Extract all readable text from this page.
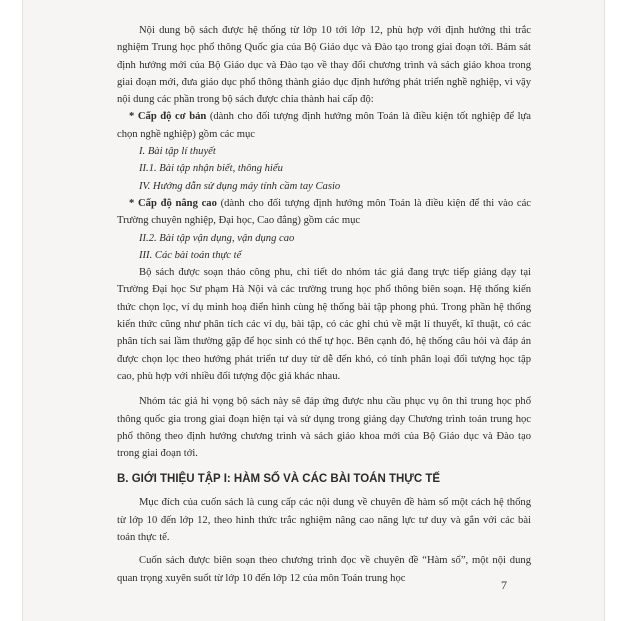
Nội dung bộ sách được hệ thống từ lớp 10 tới lớp 12, phù hợp với định hướng thi trắc nghiệm Trung học phổ thông Quốc gia của Bộ Giáo dục và Đào tạo trong giai đoạn tới. Bám sát định hướng mới của Bộ Giáo dục và Đào tạo về thay đổi chương trình và sách giáo khoa trong giai đoạn mới, đưa giáo dục phổ thông thành giáo dục định hướng phát triển nghề nghiệp, vì vậy nội dung các phần trong bộ sách được chia thành hai cấp độ:

* Cấp độ cơ bản (dành cho đối tượng định hướng môn Toán là điều kiện tốt nghiệp để lựa chọn nghề nghiệp) gồm các mục

I. Bài tập lí thuyết

II.1. Bài tập nhận biết, thông hiểu

IV. Hướng dẫn sử dụng máy tính cầm tay Casio

* Cấp độ nâng cao (dành cho đối tượng định hướng môn Toán là điều kiện để thi vào các Trường chuyên nghiệp, Đại học, Cao đẳng) gồm các mục

II.2. Bài tập vận dụng, vận dụng cao

III. Các bài toán thực tế

Bộ sách được soạn thảo công phu, chi tiết do nhóm tác giả đang trực tiếp giảng dạy tại Trường Đại học Sư phạm Hà Nội và các trường trung học phổ thông biên soạn. Hệ thống kiến thức chọn lọc, ví dụ minh hoạ điển hình cùng hệ thống bài tập phong phú. Trong phần hệ thống kiến thức cũng như phân tích các ví dụ, bài tập, có các ghi chú về mặt lí thuyết, kĩ thuật, có các phân tích sai lầm thường gặp để học sinh có thể tự học. Bên cạnh đó, hệ thống câu hỏi và đáp án được chọn lọc theo hướng phát triển tư duy từ dễ đến khó, có tính phân loại đối tượng học tập cao, phù hợp với nhiều đối tượng độc giả khác nhau.

Nhóm tác giả hi vọng bộ sách này sẽ đáp ứng được nhu cầu phục vụ ôn thi trung học phổ thông quốc gia trong giai đoạn hiện tại và sử dụng trong giảng dạy Chương trình toán trung học phổ thông theo định hướng chương trình và sách giáo khoa mới của Bộ Giáo dục và Đào tạo trong giai đoạn tới.

B. GIỚI THIỆU TẬP I: HÀM SỐ VÀ CÁC BÀI TOÁN THỰC TẾ

Mục đích của cuốn sách là cung cấp các nội dung về chuyên đề hàm số một cách hệ thống từ lớp 10 đến lớp 12, theo hình thức trắc nghiệm nâng cao năng lực tư duy và gắn với các bài toán thực tế.

Cuốn sách được biên soạn theo chương trình đọc về chuyên đề “Hàm số”, một nội dung quan trọng xuyên suốt từ lớp 10 đến lớp 12 của môn Toán trung học	7
